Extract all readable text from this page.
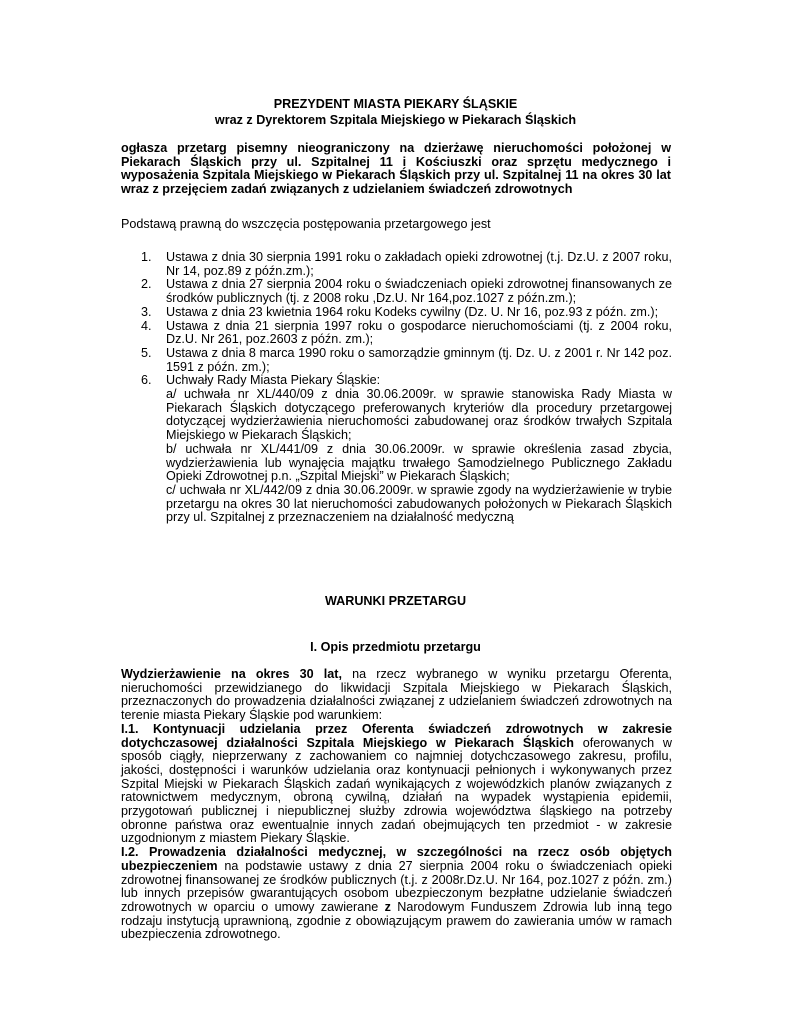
PREZYDENT MIASTA PIEKARY ŚLĄSKIE
wraz z Dyrektorem Szpitala Miejskiego w Piekarach Śląskich
ogłasza przetarg pisemny nieograniczony na dzierżawę nieruchomości położonej w Piekarach Śląskich przy ul. Szpitalnej 11 i Kościuszki oraz sprzętu medycznego i wyposażenia Szpitala Miejskiego w Piekarach Śląskich przy ul. Szpitalnej 11 na okres 30 lat wraz z przejęciem zadań związanych z udzielaniem świadczeń zdrowotnych
Podstawą prawną do wszczęcia postępowania przetargowego jest
1. Ustawa z dnia 30 sierpnia 1991 roku o zakładach opieki zdrowotnej (t.j. Dz.U. z 2007 roku, Nr 14, poz.89 z późn.zm.);
2. Ustawa z dnia 27 sierpnia 2004 roku o świadczeniach opieki zdrowotnej finansowanych ze środków publicznych (tj. z 2008 roku ,Dz.U. Nr 164,poz.1027 z późn.zm.);
3. Ustawa z dnia 23 kwietnia 1964 roku Kodeks cywilny (Dz. U. Nr 16, poz.93 z późn. zm.);
4. Ustawa z dnia 21 sierpnia 1997 roku o gospodarce nieruchomościami (tj. z 2004 roku, Dz.U. Nr 261, poz.2603 z późn. zm.);
5. Ustawa z dnia 8 marca 1990 roku o samorządzie gminnym (tj. Dz. U. z 2001 r. Nr 142 poz. 1591 z późn. zm.);
6. Uchwały Rady Miasta Piekary Śląskie:
a/ uchwała nr XL/440/09 z dnia 30.06.2009r. w sprawie stanowiska Rady Miasta w Piekarach Śląskich dotyczącego preferowanych kryteriów dla procedury przetargowej dotyczącej wydzierżawienia nieruchomości zabudowanej oraz środków trwałych Szpitala Miejskiego w Piekarach Śląskich;
b/ uchwała nr XL/441/09 z dnia 30.06.2009r. w sprawie określenia zasad zbycia, wydzierżawienia lub wynajęcia majątku trwałego Samodzielnego Publicznego Zakładu Opieki Zdrowotnej p.n. „Szpital Miejski” w Piekarach Śląskich;
c/ uchwała nr XL/442/09 z dnia 30.06.2009r. w sprawie zgody na wydzierżawienie w trybie przetargu na okres 30 lat nieruchomości zabudowanych położonych w Piekarach Śląskich przy ul. Szpitalnej z przeznaczeniem na działalność medyczną
WARUNKI PRZETARGU
I. Opis przedmiotu przetargu

Wydzierżawienie na okres 30 lat, na rzecz wybranego w wyniku przetargu Oferenta, nieruchomości przewidzianego do likwidacji Szpitala Miejskiego w Piekarach Śląskich, przeznaczonych do prowadzenia działalności związanej z udzielaniem świadczeń zdrowotnych na terenie miasta Piekary Śląskie pod warunkiem:

I.1. Kontynuacji udzielania przez Oferenta świadczeń zdrowotnych w zakresie dotychczasowej działalności Szpitala Miejskiego w Piekarach Śląskich oferowanych w sposób ciągły, nieprzerwany z zachowaniem co najmniej dotychczasowego zakresu, profilu, jakości, dostępności i warunków udzielania oraz kontynuacji pełnionych i wykonywanych przez Szpital Miejski w Piekarach Śląskich zadań wynikających z wojewódzkich planów związanych z ratownictwem medycznym, obroną cywilną, działań na wypadek wystąpienia epidemii, przygotowań publicznej i niepublicznej służby zdrowia województwa śląskiego na potrzeby obronne państwa oraz ewentualnie innych zadań obejmujących ten przedmiot - w zakresie uzgodnionym z miastem Piekary Śląskie.

I.2. Prowadzenia działalności medycznej, w szczególności na rzecz osób objętych ubezpieczeniem na podstawie ustawy z dnia 27 sierpnia 2004 roku o świadczeniach opieki zdrowotnej finansowanej ze środków publicznych (t.j. z 2008r.Dz.U. Nr 164, poz.1027 z późn. zm.) lub innych przepisów gwarantujących osobom ubezpieczonym bezpłatne udzielanie świadczeń zdrowotnych w oparciu o umowy zawierane z Narodowym Funduszem Zdrowia lub inną tego rodzaju instytucją uprawnioną, zgodnie z obowiązującym prawem do zawierania umów w ramach ubezpieczenia zdrowotnego.
